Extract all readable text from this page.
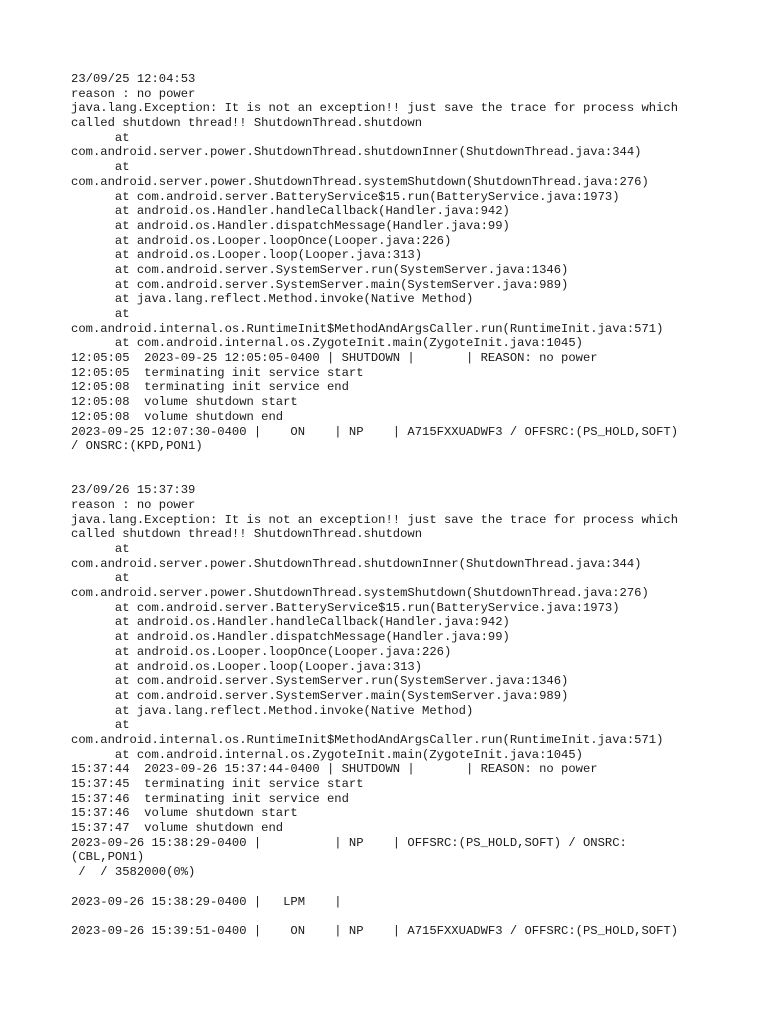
23/09/25 12:04:53
reason : no power
java.lang.Exception: It is not an exception!! just save the trace for process which
called shutdown thread!! ShutdownThread.shutdown
at
com.android.server.power.ShutdownThread.shutdownInner(ShutdownThread.java:344)
at
com.android.server.power.ShutdownThread.systemShutdown(ShutdownThread.java:276)
at com.android.server.BatteryService$15.run(BatteryService.java:1973)
at android.os.Handler.handleCallback(Handler.java:942)
at android.os.Handler.dispatchMessage(Handler.java:99)
at android.os.Looper.loopOnce(Looper.java:226)
at android.os.Looper.loop(Looper.java:313)
at com.android.server.SystemServer.run(SystemServer.java:1346)
at com.android.server.SystemServer.main(SystemServer.java:989)
at java.lang.reflect.Method.invoke(Native Method)
at
com.android.internal.os.RuntimeInit$MethodAndArgsCaller.run(RuntimeInit.java:571)
at com.android.internal.os.ZygoteInit.main(ZygoteInit.java:1045)
12:05:05  2023-09-25 12:05:05-0400 | SHUTDOWN |       | REASON: no power
12:05:05  terminating init service start
12:05:08  terminating init service end
12:05:08  volume shutdown start
12:05:08  volume shutdown end
2023-09-25 12:07:30-0400 |    ON    | NP    | A715FXXUADWF3 / OFFSRC:(PS_HOLD,SOFT)
/ ONSRC:(KPD,PON1)
23/09/26 15:37:39
reason : no power
java.lang.Exception: It is not an exception!! just save the trace for process which
called shutdown thread!! ShutdownThread.shutdown
at
com.android.server.power.ShutdownThread.shutdownInner(ShutdownThread.java:344)
at
com.android.server.power.ShutdownThread.systemShutdown(ShutdownThread.java:276)
at com.android.server.BatteryService$15.run(BatteryService.java:1973)
at android.os.Handler.handleCallback(Handler.java:942)
at android.os.Handler.dispatchMessage(Handler.java:99)
at android.os.Looper.loopOnce(Looper.java:226)
at android.os.Looper.loop(Looper.java:313)
at com.android.server.SystemServer.run(SystemServer.java:1346)
at com.android.server.SystemServer.main(SystemServer.java:989)
at java.lang.reflect.Method.invoke(Native Method)
at
com.android.internal.os.RuntimeInit$MethodAndArgsCaller.run(RuntimeInit.java:571)
at com.android.internal.os.ZygoteInit.main(ZygoteInit.java:1045)
15:37:44  2023-09-26 15:37:44-0400 | SHUTDOWN |       | REASON: no power
15:37:45  terminating init service start
15:37:46  terminating init service end
15:37:46  volume shutdown start
15:37:47  volume shutdown end
2023-09-26 15:38:29-0400 |          | NP    | OFFSRC:(PS_HOLD,SOFT) / ONSRC:
(CBL,PON1)
/  / 3582000(0%)
2023-09-26 15:38:29-0400 |   LPM    |
2023-09-26 15:39:51-0400 |    ON    | NP    | A715FXXUADWF3 / OFFSRC:(PS_HOLD,SOFT)
